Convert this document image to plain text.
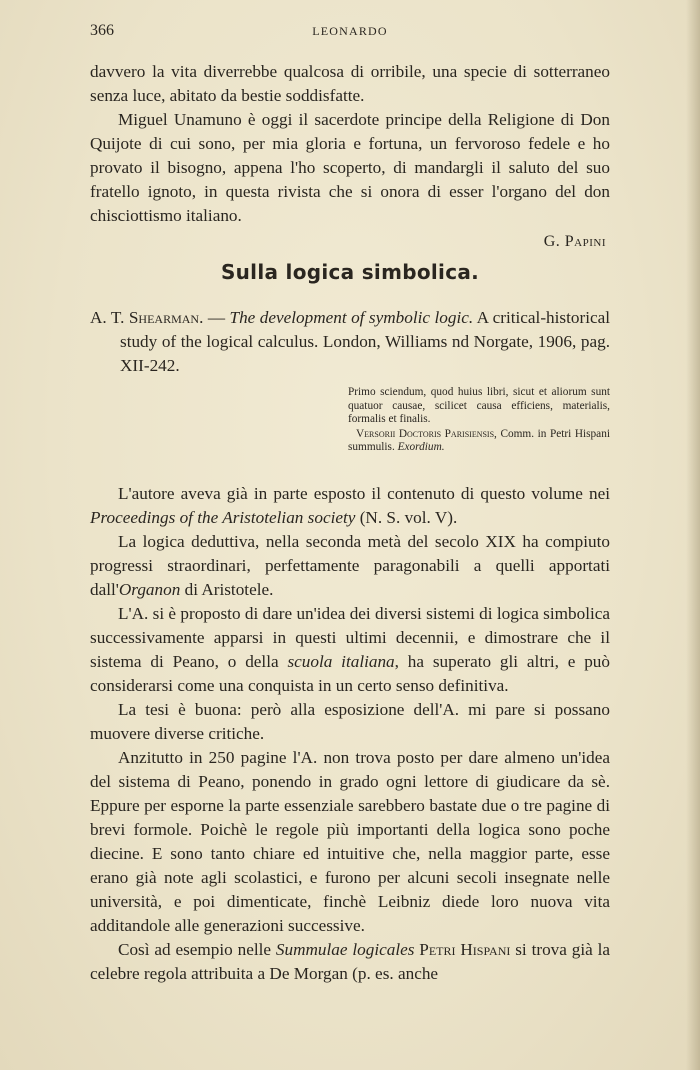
366	LEONARDO

davvero la vita diverrebbe qualcosa di orribile, una specie di sotterraneo senza luce, abitato da bestie soddisfatte.

Miguel Unamuno è oggi il sacerdote principe della Religione di Don Quijote di cui sono, per mia gloria e fortuna, un fervoroso fedele e ho provato il bisogno, appena l'ho scoperto, di mandargli il saluto del suo fratello ignoto, in questa rivista che si onora di esser l'organo del don chisciottismo italiano.

G. Papini

Sulla logica simbolica.
A. T. Shearman. — The development of symbolic logic. A critical-historical study of the logical calculus. London, Williams nd Norgate, 1906, pag. XII-242.
Primo sciendum, quod huius libri, sicut et aliorum sunt quatuor causae, scilicet causa efficiens, materialis, formalis et finalis.
Versorii Doctoris Parisiensis, Comm. in Petri Hispani summulis. Exordium.

L'autore aveva già in parte esposto il contenuto di questo volume nei Proceedings of the Aristotelian society (N. S. vol. V).

La logica deduttiva, nella seconda metà del secolo XIX ha compiuto progressi straordinari, perfettamente paragonabili a quelli apportati dall'Organon di Aristotele.

L'A. si è proposto di dare un'idea dei diversi sistemi di logica simbolica successivamente apparsi in questi ultimi decennii, e dimostrare che il sistema di Peano, o della scuola italiana, ha superato gli altri, e può considerarsi come una conquista in un certo senso definitiva.

La tesi è buona: però alla esposizione dell'A. mi pare si possano muovere diverse critiche.

Anzitutto in 250 pagine l'A. non trova posto per dare almeno un'idea del sistema di Peano, ponendo in grado ogni lettore di giudicare da sè. Eppure per esporne la parte essenziale sarebbero bastate due o tre pagine di brevi formole. Poichè le regole più importanti della logica sono poche diecine. E sono tanto chiare ed intuitive che, nella maggior parte, esse erano già note agli scolastici, e furono per alcuni secoli insegnate nelle università, e poi dimenticate, finchè Leibniz diede loro nuova vita additandole alle generazioni successive.

Così ad esempio nelle Summulae logicales Petri Hispani si trova già la celebre regola attribuita a De Morgan (p. es. anche
